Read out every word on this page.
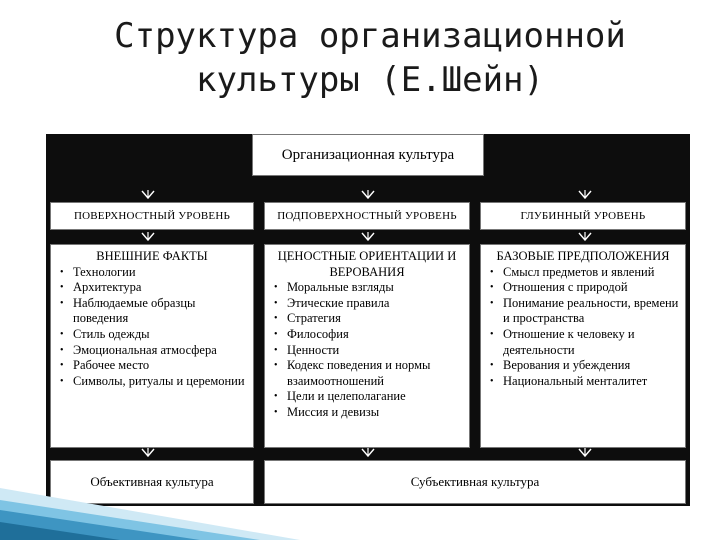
Структура организационной
культуры (Е.Шейн)
Организационная культура
ПОВЕРХНОСТНЫЙ УРОВЕНЬ	ПОДПОВЕРХНОСТНЫЙ УРОВЕНЬ	ГЛУБИННЫЙ УРОВЕНЬ
ВНЕШНИЕ ФАКТЫ
• Технологии
• Архитектура
• Наблюдаемые образцы поведения
• Стиль одежды
• Эмоциональная атмосфера
• Рабочее место
• Символы, ритуалы и церемонии
ЦЕНОСТНЫЕ ОРИЕНТАЦИИ И ВЕРОВАНИЯ
• Моральные взгляды
• Этические правила
• Стратегия
• Философия
• Ценности
• Кодекс поведения и нормы взаимоотношений
• Цели и целеполагание
• Миссия и девизы
БАЗОВЫЕ ПРЕДПОЛОЖЕНИЯ
• Смысл предметов и явлений
• Отношения с природой
• Понимание реальности, времени и пространства
• Отношение к человеку и деятельности
• Верования и убеждения
• Национальный менталитет
Объективная культура	Субъективная культура
